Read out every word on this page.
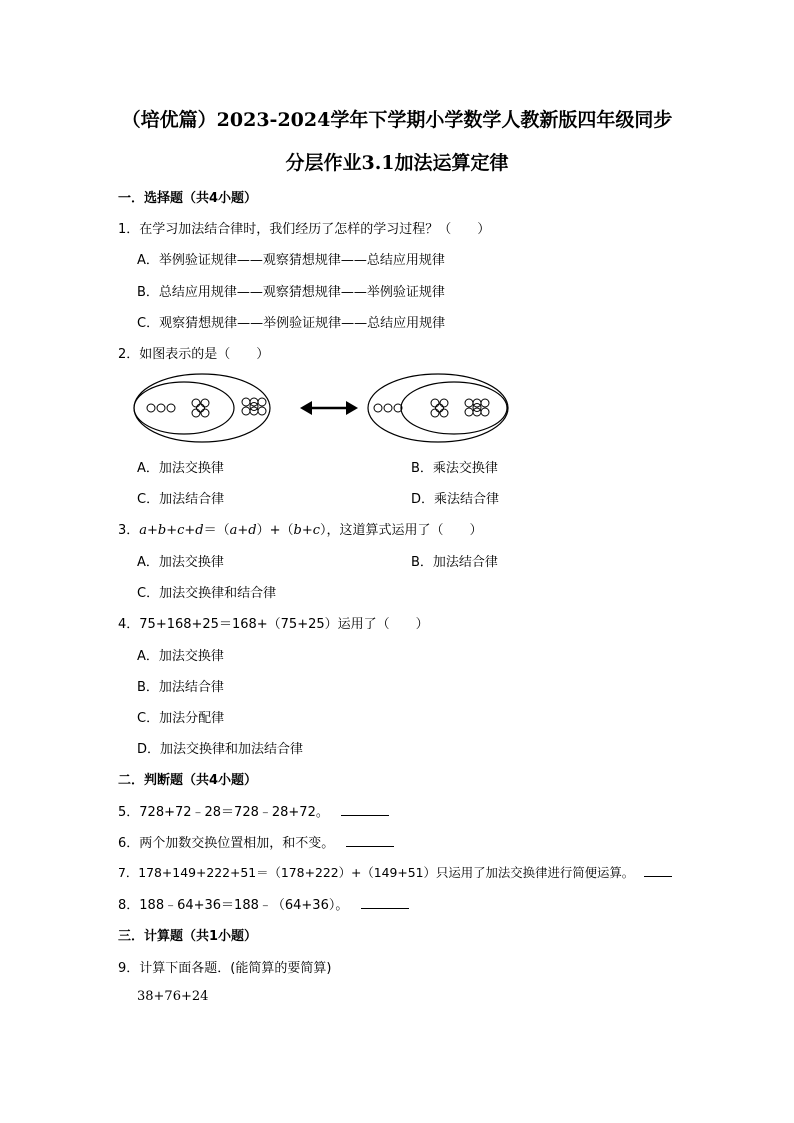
（培优篇）2023-2024学年下学期小学数学人教新版四年级同步
分层作业3.1加法运算定律
一．选择题（共4小题）
1．在学习加法结合律时，我们经历了怎样的学习过程？（　　）
A．举例验证规律——观察猜想规律——总结应用规律
B．总结应用规律——观察猜想规律——举例验证规律
C．观察猜想规律——举例验证规律——总结应用规律
2．如图表示的是（　　）
A．加法交换律	B．乘法交换律
C．加法结合律	D．乘法结合律
3．a+b+c+d＝（a+d）+（b+c），这道算式运用了（　　）
A．加法交换律	B．加法结合律
C．加法交换律和结合律
4．75+168+25＝168+（75+25）运用了（　　）
A．加法交换律
B．加法结合律
C．加法分配律
D．加法交换律和加法结合律
二．判断题（共4小题）
5．728+72﹣28＝728﹣28+72。
6．两个加数交换位置相加，和不变。
7．178+149+222+51＝（178+222）+（149+51）只运用了加法交换律进行简便运算。
8．188﹣64+36＝188﹣（64+36）。
三．计算题（共1小题）
9．计算下面各题．(能简算的要简算)
38+76+24
